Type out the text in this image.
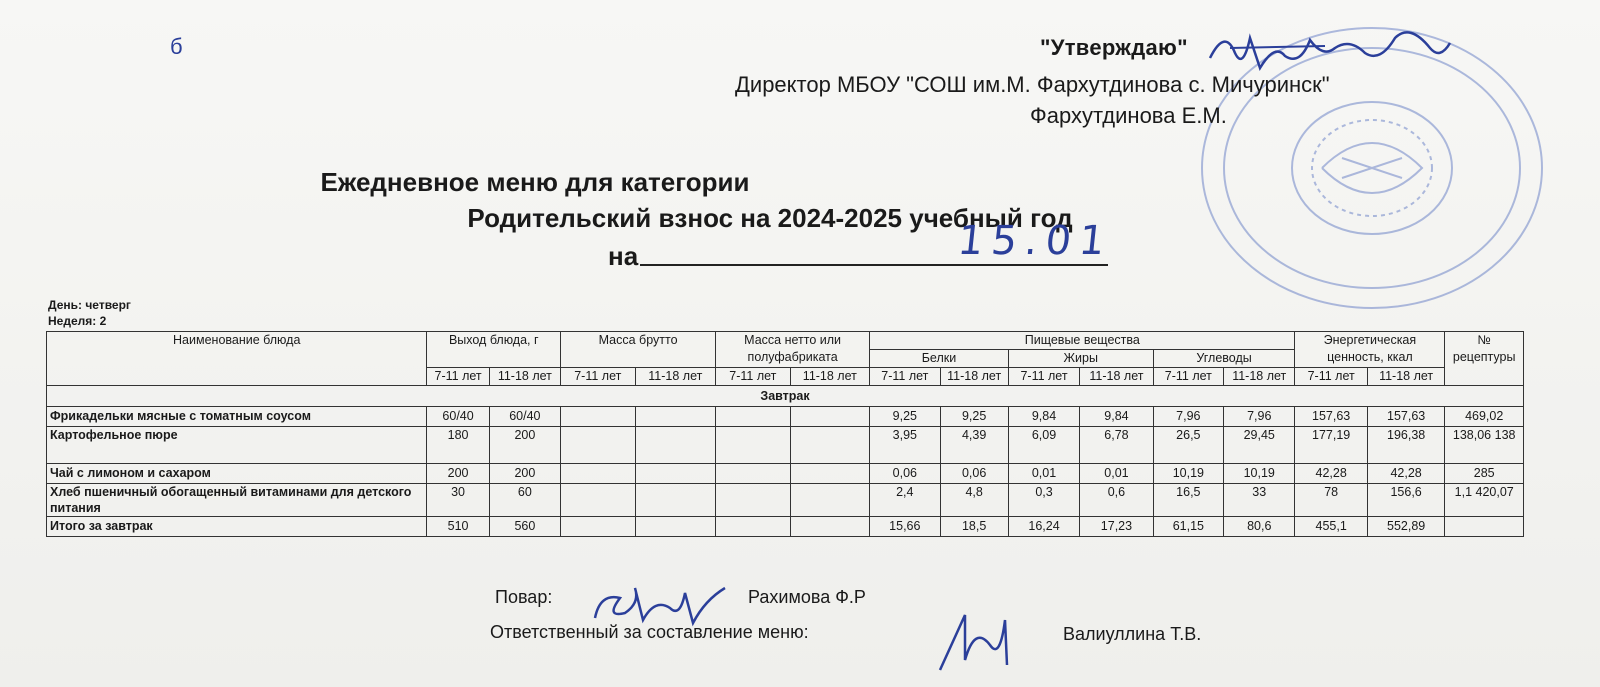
б	"Утверждаю"
Директор МБОУ "СОШ им.М. Фархутдинова с. Мичуринск"
Фархутдинова Е.М.
Ежедневное меню для категории
Родительский взнос на 2024-2025 учебный год
на	15.01
День: четверг
Неделя: 2
Наименование блюда	Выход блюда, г		Масса брутто		Масса нетто или полуфабриката		Пищевые вещества						Энергетическая ценность, ккал		№ рецептуры
							Белки		Жиры		Углеводы				
	7-11 лет	11-18 лет	7-11 лет	11-18 лет	7-11 лет	11-18 лет	7-11 лет	11-18 лет	7-11 лет	11-18 лет	7-11 лет	11-18 лет	7-11 лет	11-18 лет	
Завтрак															
Фрикадельки мясные с томатным соусом	60/40	60/40					9,25	9,25	9,84	9,84	7,96	7,96	157,63	157,63	469,02
Картофельное пюре	180	200					3,95	4,39	6,09	6,78	26,5	29,45	177,19	196,38	138,06 138
Чай с лимоном и сахаром	200	200					0,06	0,06	0,01	0,01	10,19	10,19	42,28	42,28	285
Хлеб пшеничный обогащенный витаминами для детского питания	30	60					2,4	4,8	0,3	0,6	16,5	33	78	156,6	1,1 420,07
Итого за завтрак	510	560					15,66	18,5	16,24	17,23	61,15	80,6	455,1	552,89	
Повар:	Рахимова Ф.Р
Ответственный за составление меню:	Валиуллина Т.В.
